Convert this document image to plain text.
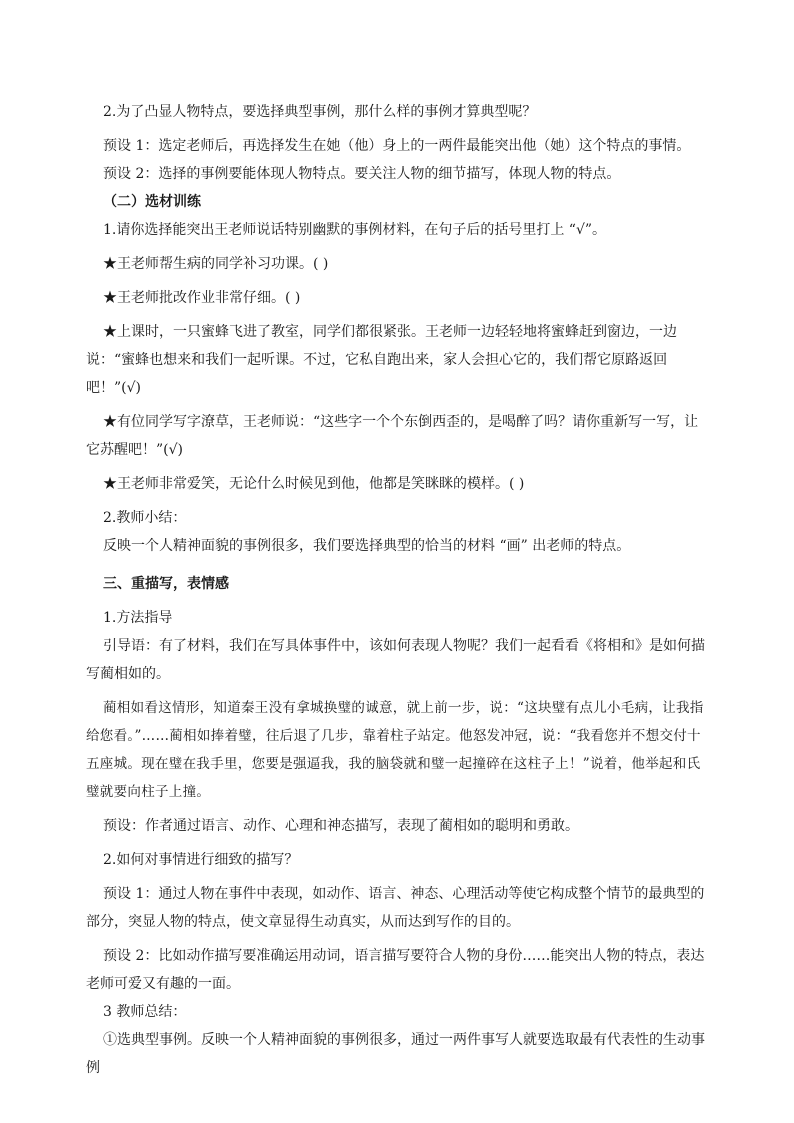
2.为了凸显人物特点，要选择典型事例，那什么样的事例才算典型呢？

预设 1：选定老师后，再选择发生在她（他）身上的一两件最能突出他（她）这个特点的事情。

预设 2：选择的事例要能体现人物特点。要关注人物的细节描写，体现人物的特点。

（二）选材训练

1.请你选择能突出王老师说话特别幽默的事例材料，在句子后的括号里打上 “√”。

★王老师帮生病的同学补习功课。( )

★王老师批改作业非常仔细。( )

★上课时，一只蜜蜂飞进了教室，同学们都很紧张。王老师一边轻轻地将蜜蜂赶到窗边，一边说：“蜜蜂也想来和我们一起听课。不过，它私自跑出来，家人会担心它的，我们帮它原路返回吧！”(√)

★有位同学写字潦草，王老师说：“这些字一个个东倒西歪的，是喝醉了吗？请你重新写一写，让它苏醒吧！”(√)

★王老师非常爱笑，无论什么时候见到他，他都是笑眯眯的模样。( )

2.教师小结：

反映一个人精神面貌的事例很多，我们要选择典型的恰当的材料 “画” 出老师的特点。

三、重描写，表情感

1.方法指导

引导语：有了材料，我们在写具体事件中，该如何表现人物呢？我们一起看看《将相和》是如何描写蔺相如的。

蔺相如看这情形，知道秦王没有拿城换璧的诚意，就上前一步，说：“这块璧有点儿小毛病，让我指给您看。”……蔺相如捧着璧，往后退了几步，靠着柱子站定。他怒发冲冠，说：“我看您并不想交付十五座城。现在璧在我手里，您要是强逼我，我的脑袋就和璧一起撞碎在这柱子上！”说着，他举起和氏璧就要向柱子上撞。

预设：作者通过语言、动作、心理和神态描写，表现了蔺相如的聪明和勇敢。

2.如何对事情进行细致的描写？

预设 1：通过人物在事件中表现，如动作、语言、神态、心理活动等使它构成整个情节的最典型的部分，突显人物的特点，使文章显得生动真实，从而达到写作的目的。

预设 2：比如动作描写要准确运用动词，语言描写要符合人物的身份……能突出人物的特点，表达老师可爱又有趣的一面。

3 教师总结：

①选典型事例。反映一个人精神面貌的事例很多，通过一两件事写人就要选取最有代表性的生动事例
